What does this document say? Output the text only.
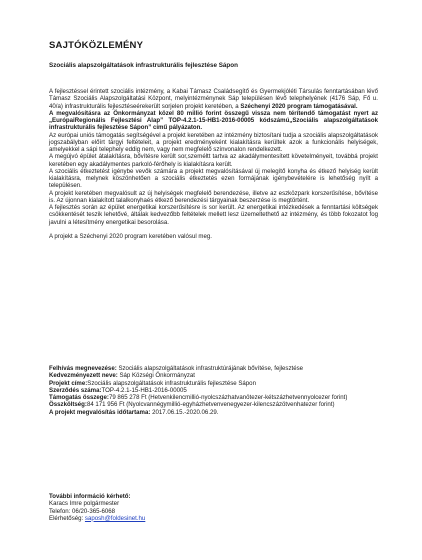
SAJTÓKÖZLEMÉNY
Szociális alapszolgáltatások infrastrukturális fejlesztése Sápon

A fejlesztéssel érintett szociális intézmény, a Kabai Támasz Családsegítő és Gyermekjóléti Társulás fenntartásában lévő Támasz Szociális Alapszolgáltatási Központ, melyintézménynek Sáp településen lévő telephelyének (4176 Sáp, Fő u. 40/a) infrastrukturális fejlesztéseérekerült sorjelen projekt keretében, a Széchenyi 2020 program támogatásával.

A megvalósításra az Önkormányzat közel 80 millió forint összegű vissza nem térítendő támogatást nyert az „EurópaiRegionális Fejlesztési Alap” TOP-4.2.1-15-HB1-2016-00005 kódszámú„Szociális alapszolgáltatások infrastrukturális fejlesztése Sápon” című pályázaton.

Az európai uniós támogatás segítségével a projekt keretében az intézmény biztosítani tudja a szociális alapszolgáltatások jogszabályban előírt tárgyi feltételeit, a projekt eredményeként kialakításra kerültek azok a funkcionális helyiségek, amelyekkel a sápi telephely eddig nem, vagy nem megfelelő színvonalon rendelkezett.

A megújvó épület átalakításra, bővítésre került sor,személtt tartva az akadálymentesített követelményeit, továbbá projekt keretében egy akadálymentes parkoló-férőhely is kialakításra került.

A szociális étkeztetést igénybe vevők számára a projekt megvalósításával új melegítő konyha és étkező helyiség került kialakításra, melynek köszönhetően a szociális étkeztetés ezen formájának igénybevételére is lehetőség nyílt a településen.

A projekt keretében megvalósult az új helyiségek megfelelő berendezése, illetve az eszközpark korszerűsítése, bővítése is. Az újonnan kialakított talalkonyhaés étkező berendezési tárgyainak beszerzése is megtörtént.

A fejlesztés során az épület energetikai korszerűsítésre is sor került. Az energetikai intézkedések a fenntartási költségek csökkentését teszik lehetővé, áltálak kedvezőbb feltételek mellett lesz üzemeltethető az intézmény, és több fokozatot fog javulni a létesítmény energetikai besorolása.

A projekt a Széchenyi 2020 program keretében valósul meg.

Felhívás megnevezése: Szociális alapszolgáltatások infrastruktúrájának bővítése, fejlesztése

Kedvezményezett neve: Sáp Községi Önkormányzat

Projekt címe:Szociális alapszolgáltatások infrastrukturális fejlesztése Sápon

Szerződés száma:TOP-4.2.1-15-HB1-2016-00005

Támogatás összege:79 865 278 Ft (Hetvenkilencmillió-nyolcszázhatvanötezer-kétszázhetvennyolcezer forint)

Összköltség:84 171 956 Ft (Nyolcvannégymillió-egyházhetvenvenegyezer-kilencszázötvenhatezer forint)

A projekt megvalósítás időtartama: 2017.06.15.-2020.06.29.

További információ kérhető:

Karacs Imre polgármester

Telefon: 06/20-365-6068

Elérhetőség: saposh@foldesinet.hu
